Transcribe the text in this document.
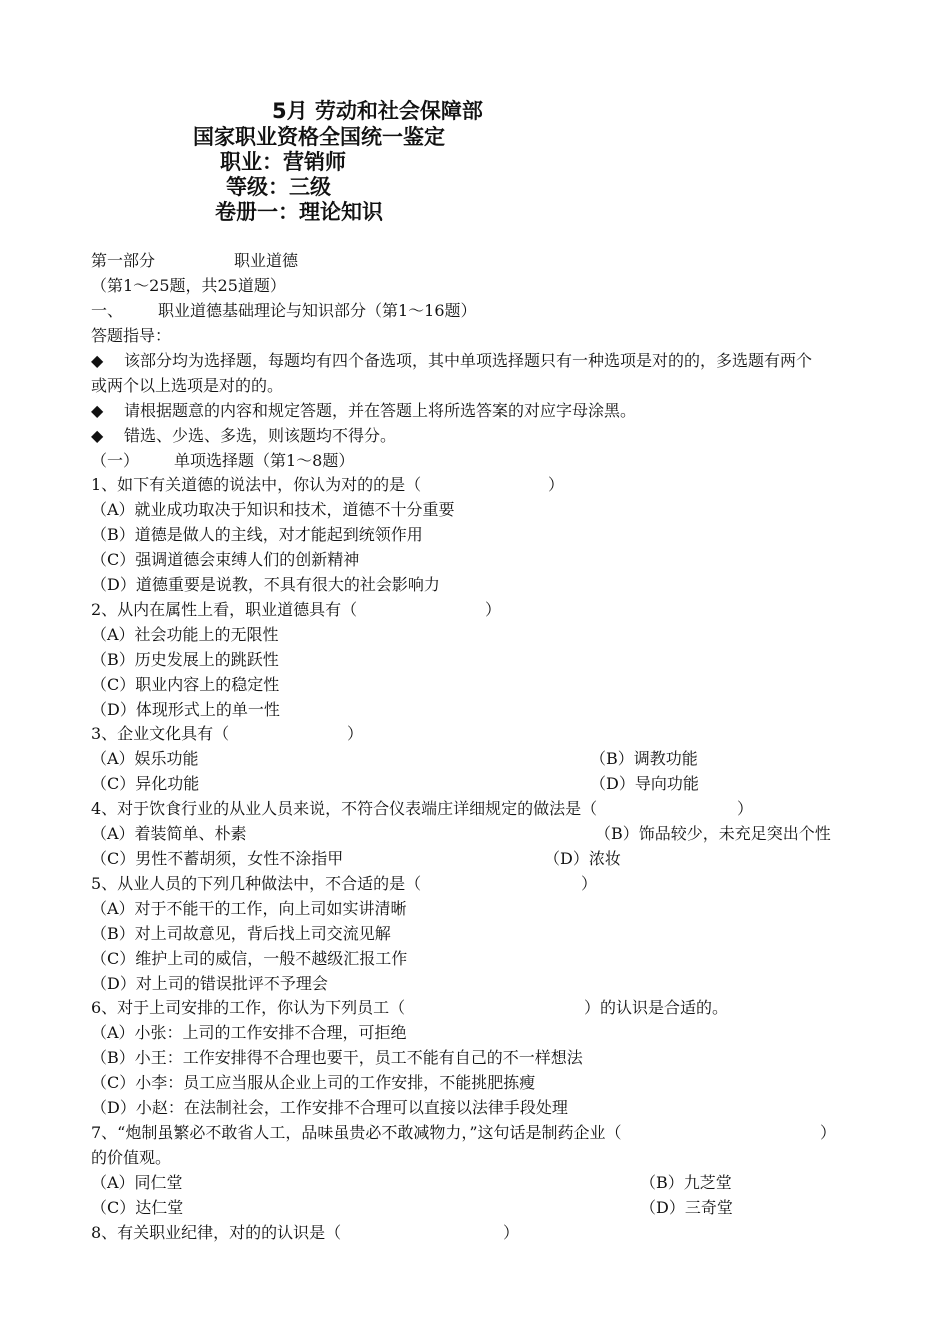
5月 劳动和社会保障部
国家职业资格全国统一鉴定
职业：营销师
等级：三级
卷册一：理论知识
第一部分	职业道德
（第1～25题，共25道题）
一、 职业道德基础理论与知识部分（第1～16题）
答题指导：
◆ 该部分均为选择题，每题均有四个备选项，其中单项选择题只有一种选项是对的的，多选题有两个
或两个以上选项是对的的。
◆ 请根据题意的内容和规定答题，并在答题上将所选答案的对应字母涂黑。
◆ 错选、少选、多选，则该题均不得分。
（一） 单项选择题（第1～8题）
1、如下有关道德的说法中，你认为对的的是（	）
（A）就业成功取决于知识和技术，道德不十分重要
（B）道德是做人的主线，对才能起到统领作用
（C）强调道德会束缚人们的创新精神
（D）道德重要是说教，不具有很大的社会影响力
2、从内在属性上看，职业道德具有（	）
（A）社会功能上的无限性
（B）历史发展上的跳跃性
（C）职业内容上的稳定性
（D）体现形式上的单一性
3、企业文化具有（	）
（A）娱乐功能	（B）调教功能
（C）异化功能	（D）导向功能
4、对于饮食行业的从业人员来说，不符合仪表端庄详细规定的做法是（	）
（A）着装简单、朴素	（B）饰品较少，未充足突出个性
（C）男性不蓄胡须，女性不涂指甲	（D）浓妆
5、从业人员的下列几种做法中，不合适的是（	）
（A）对于不能干的工作，向上司如实讲清晰
（B）对上司故意见，背后找上司交流见解
（C）维护上司的威信，一般不越级汇报工作
（D）对上司的错误批评不予理会
6、对于上司安排的工作，你认为下列员工（	）的认识是合适的。
（A）小张：上司的工作安排不合理，可拒绝
（B）小王：工作安排得不合理也要干，员工不能有自己的不一样想法
（C）小李：员工应当服从企业上司的工作安排，不能挑肥拣瘦
（D）小赵：在法制社会，工作安排不合理可以直接以法律手段处理
7、“炮制虽繁必不敢省人工，品味虽贵必不敢减物力，”这句话是制药企业（	）
的价值观。
（A）同仁堂	（B）九芝堂
（C）达仁堂	（D）三奇堂
8、有关职业纪律，对的的认识是（	）
